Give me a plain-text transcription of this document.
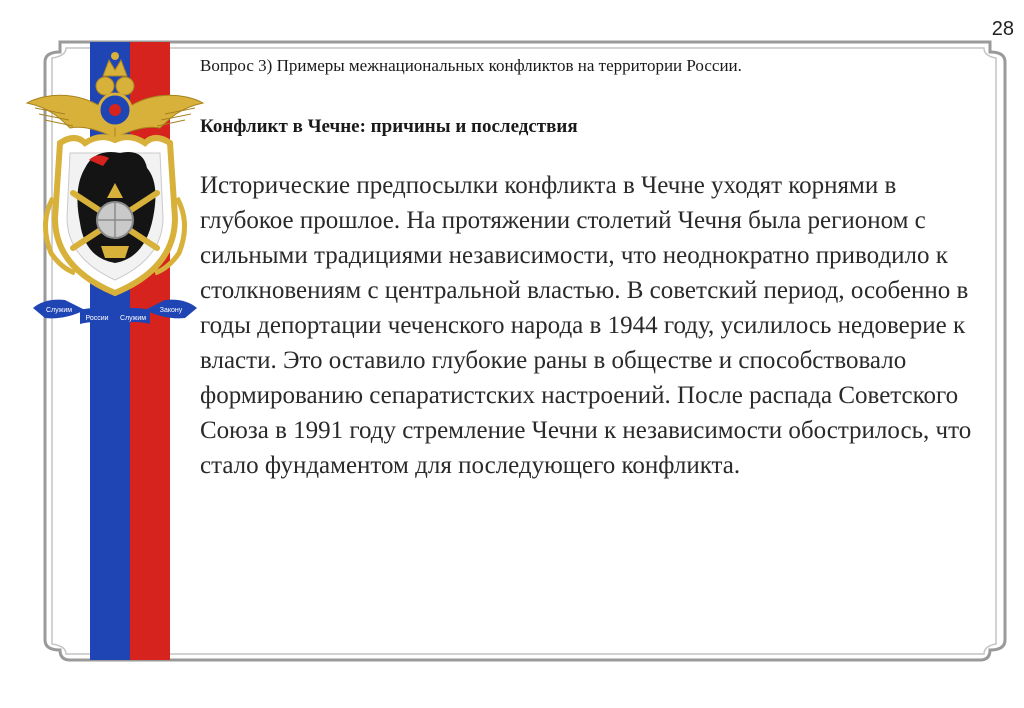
28
Служим
России Служим
Закону

Вопрос 3) Примеры межнациональных конфликтов на территории России.

Конфликт в Чечне: причины и последствия

Исторические предпосылки конфликта в Чечне уходят корнями в глубокое прошлое. На протяжении столетий Чечня была регионом с сильными традициями независимости, что неоднократно приводило к столкновениям с центральной властью. В советский период, особенно в годы депортации чеченского народа в 1944 году, усилилось недоверие к власти. Это оставило глубокие раны в обществе и способствовало формированию сепаратистских настроений. После распада Советского Союза в 1991 году стремление Чечни к независимости обострилось, что стало фундаментом для последующего конфликта.
